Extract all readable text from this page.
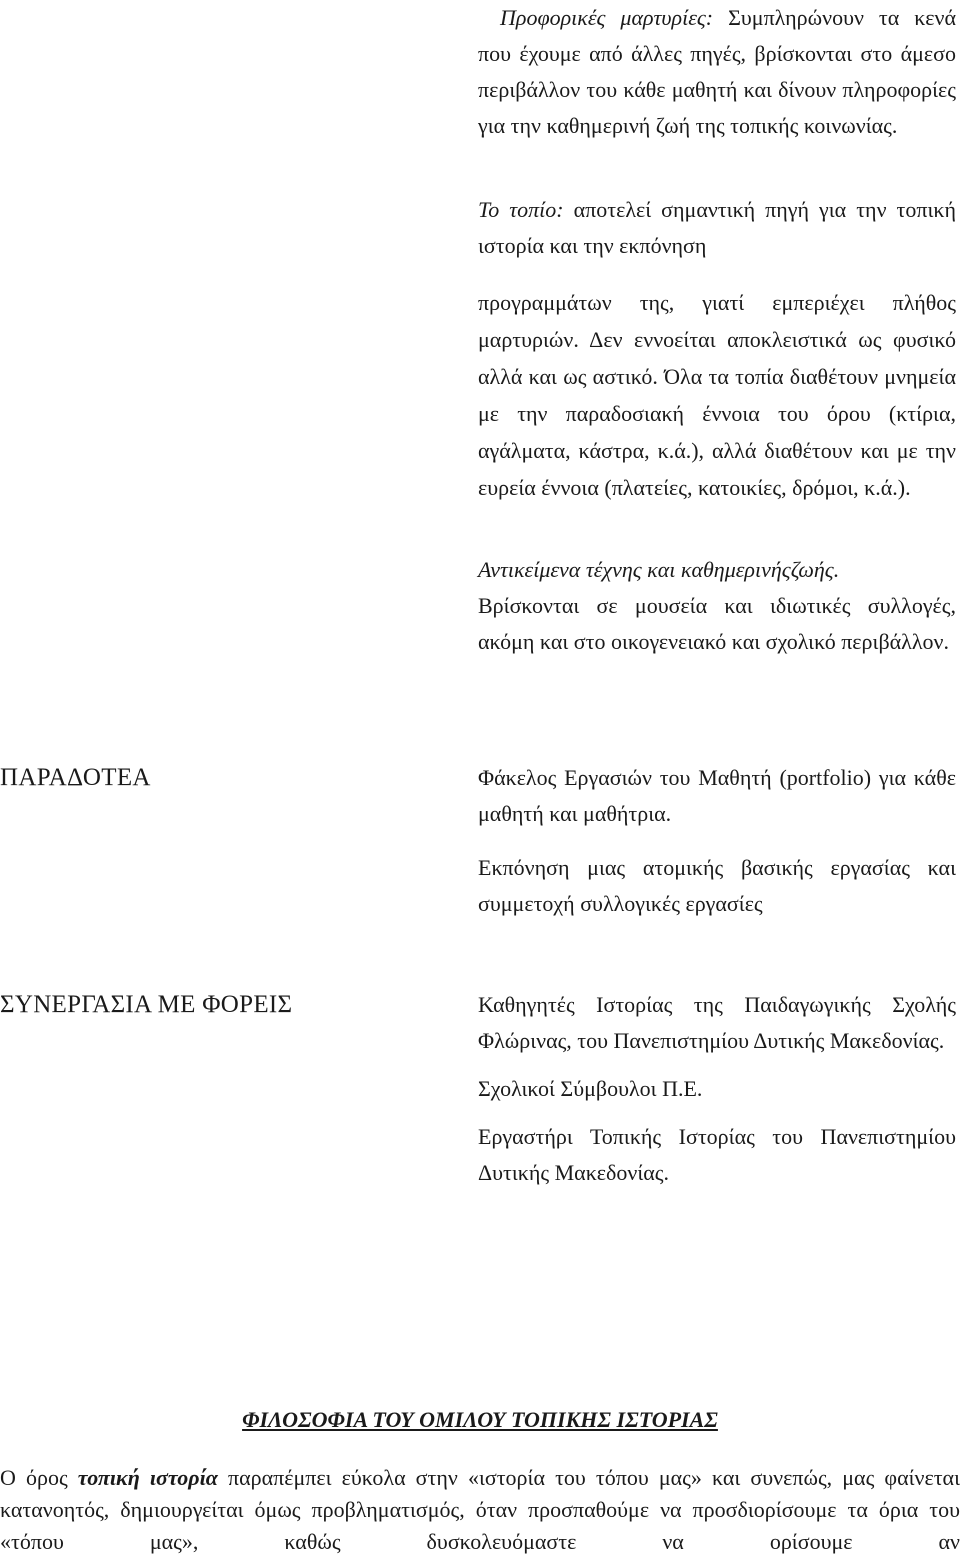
Προφορικές μαρτυρίες: Συμπληρώνουν τα κενά που έχουμε από άλλες πηγές, βρίσκονται στο άμεσο περιβάλλον του κάθε μαθητή και δίνουν πληροφορίες για την καθημερινή ζωή της τοπικής κοινωνίας.

Το τοπίο: αποτελεί σημαντική πηγή για την τοπική ιστορία και την εκπόνηση

προγραμμάτων της, γιατί εμπεριέχει πλήθος μαρτυριών. Δεν εννοείται αποκλειστικά ως φυσικό αλλά και ως αστικό. Όλα τα τοπία διαθέτουν μνημεία με την παραδοσιακή έννοια του όρου (κτίρια, αγάλματα, κάστρα, κ.ά.), αλλά διαθέτουν και με την ευρεία έννοια (πλατείες, κατοικίες, δρόμοι, κ.ά.).

Αντικείμενα τέχνης και καθημερινήςζωής.

Βρίσκονται σε μουσεία και ιδιωτικές συλλογές, ακόμη και στο οικογενειακό και σχολικό περιβάλλον.

ΠΑΡΑΔΟΤΕΑ	Φάκελος Εργασιών του Μαθητή (portfolio) για κάθε μαθητή και μαθήτρια.

Εκπόνηση μιας ατομικής βασικής εργασίας και συμμετοχή συλλογικές εργασίες

ΣΥΝΕΡΓΑΣΙΑ ΜΕ ΦΟΡΕΙΣ	Καθηγητές Ιστορίας της Παιδαγωγικής Σχολής Φλώρινας, του Πανεπιστημίου Δυτικής Μακεδονίας.

Σχολικοί Σύμβουλοι Π.Ε.

Εργαστήρι Τοπικής Ιστορίας του Πανεπιστημίου Δυτικής Μακεδονίας.

ΦΙΛΟΣΟΦΙΑ ΤΟΥ ΟΜΙΛΟΥ ΤΟΠΙΚΗΣ ΙΣΤΟΡΙΑΣ
Ο όρος τοπική ιστορία παραπέμπει εύκολα στην «ιστορία του τόπου μας» και συνεπώς, μας φαίνεται κατανοητός, δημιουργείται όμως προβληματισμός, όταν προσπαθούμε να προσδιορίσουμε τα όρια του «τόπου μας», καθώς δυσκολευόμαστε να ορίσουμε αν
